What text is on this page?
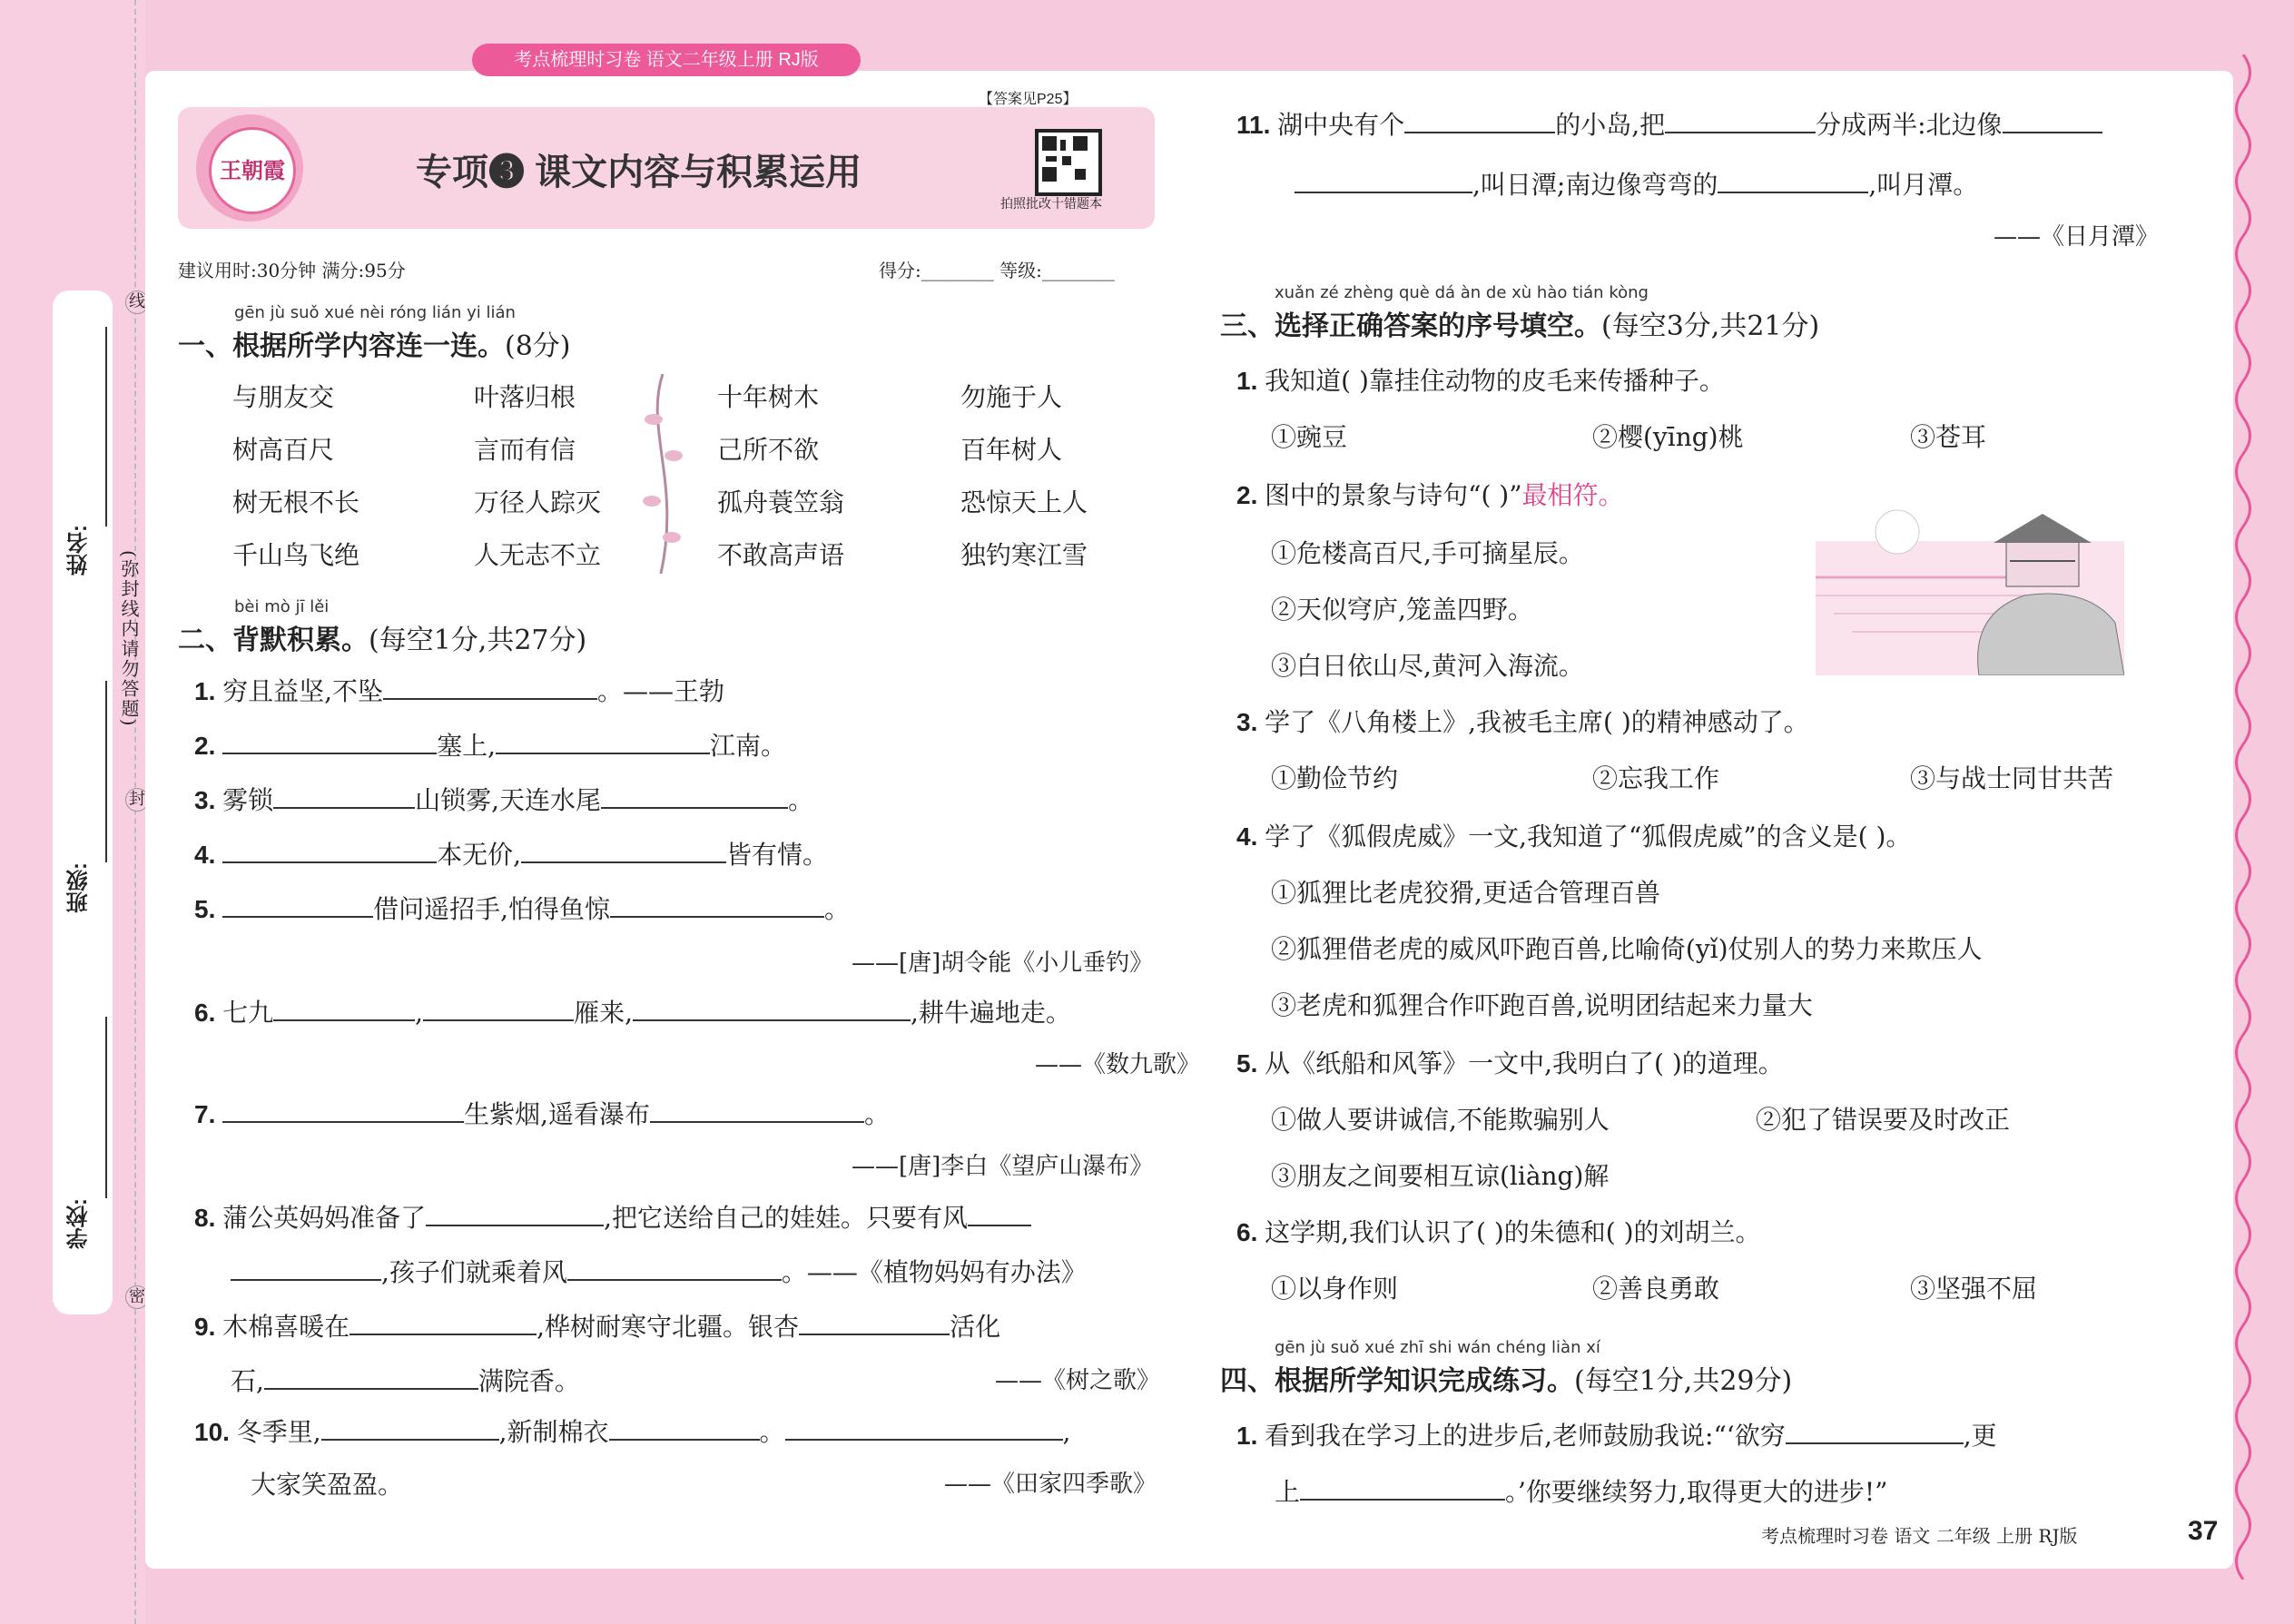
姓名:
班级:
学校:
线
封
密
(弥封线内请勿答题)
考点梳理时习卷 语文二年级上册 RJ版
王朝霞	专项❸ 课文内容与积累运用
拍照批改十错题本
【答案见P25】
建议用时:30分钟 满分:95分	得分:________ 等级:________
gēn jù suǒ xué nèi róng lián yi lián
一、根据所学内容连一连。(8分)
与朋友交	叶落归根
树高百尺	言而有信
树无根不长	万径人踪灭
千山鸟飞绝	人无志不立
十年树木	勿施于人
己所不欲	百年树人
孤舟蓑笠翁	恐惊天上人
不敢高声语	独钓寒江雪
bèi mò jī lěi
二、背默积累。(每空1分,共27分)
1. 穷且益坚,不坠	。——王勃
2.	塞上,	江南。
3. 雾锁	山锁雾,天连水尾	。
4.	本无价,	皆有情。
5.	借问遥招手,怕得鱼惊	。
——[唐]胡令能《小儿垂钓》
6. 七九	,	雁来,	,耕牛遍地走。
——《数九歌》
7.	生紫烟,遥看瀑布	。
——[唐]李白《望庐山瀑布》
8. 蒲公英妈妈准备了	,把它送给自己的娃娃。只要有风
,孩子们就乘着风	。——《植物妈妈有办法》
9. 木棉喜暖在	,桦树耐寒守北疆。银杏	活化
石,	满院香。	——《树之歌》
10. 冬季里,	,新制棉衣	。	,
大家笑盈盈。	——《田家四季歌》
11. 湖中央有个	的小岛,把	分成两半:北边像
,叫日潭;南边像弯弯的	,叫月潭。
——《日月潭》
xuǎn zé zhèng què dá àn de xù hào tián kòng
三、选择正确答案的序号填空。(每空3分,共21分)
1. 我知道( )靠挂住动物的皮毛来传播种子。
①豌豆	②樱(yīng)桃	③苍耳
2. 图中的景象与诗句“( )”最相符。
①危楼高百尺,手可摘星辰。
②天似穹庐,笼盖四野。
③白日依山尽,黄河入海流。
3. 学了《八角楼上》,我被毛主席( )的精神感动了。
①勤俭节约	②忘我工作	③与战士同甘共苦
4. 学了《狐假虎威》一文,我知道了“狐假虎威”的含义是( )。
①狐狸比老虎狡猾,更适合管理百兽
②狐狸借老虎的威风吓跑百兽,比喻倚(yǐ)仗别人的势力来欺压人
③老虎和狐狸合作吓跑百兽,说明团结起来力量大
5. 从《纸船和风筝》一文中,我明白了( )的道理。
①做人要讲诚信,不能欺骗别人	②犯了错误要及时改正
③朋友之间要相互谅(liàng)解
6. 这学期,我们认识了( )的朱德和( )的刘胡兰。
①以身作则	②善良勇敢	③坚强不屈
gēn jù suǒ xué zhī shi wán chéng liàn xí
四、根据所学知识完成练习。(每空1分,共29分)
1. 看到我在学习上的进步后,老师鼓励我说:“‘欲穷	,更
上	。’你要继续努力,取得更大的进步!”
考点梳理时习卷 语文 二年级 上册 RJ版	37
